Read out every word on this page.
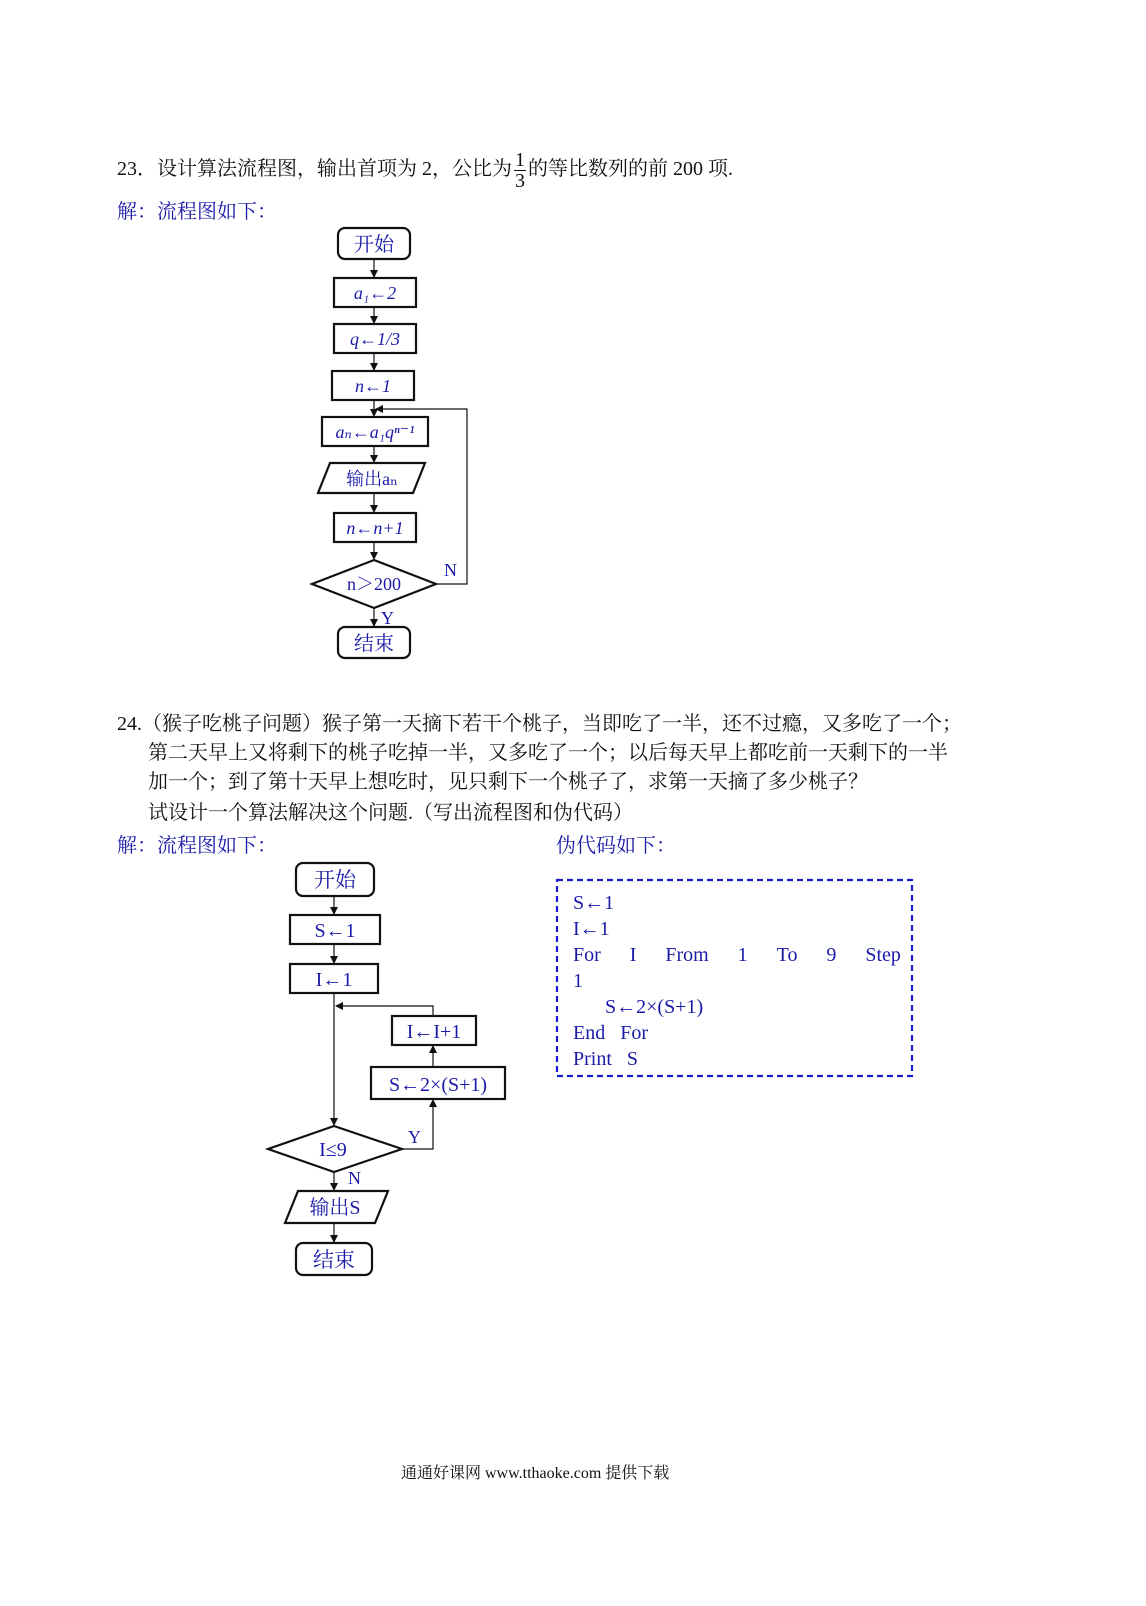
23．设计算法流程图，输出首项为 2，公比为 $\frac{1}{3}$ 的等比数列的前 200 项.
解：流程图如下：
24.（猴子吃桃子问题）猴子第一天摘下若干个桃子，当即吃了一半，还不过瘾，又多吃了一个；
第二天早上又将剩下的桃子吃掉一半，又多吃了一个；以后每天早上都吃前一天剩下的一半
加一个；到了第十天早上想吃时，见只剩下一个桃子了，求第一天摘了多少桃子？
试设计一个算法解决这个问题.（写出流程图和伪代码）
解：流程图如下：	伪代码如下：
开始
a₁←2
q←1/3
n←1
aₙ←a₁qⁿ⁻¹
输出aₙ
n←n+1
n＞200
N
Y
结束
开始
S←1
I←1
I←I+1
S←2×(S+1)
I≤9
Y
N
输出S
结束
S←1
I←1
For I From 1 To 9 Step
1
S←2×(S+1)
End   For
Print   S
通通好课网 www.tthaoke.com 提供下载
